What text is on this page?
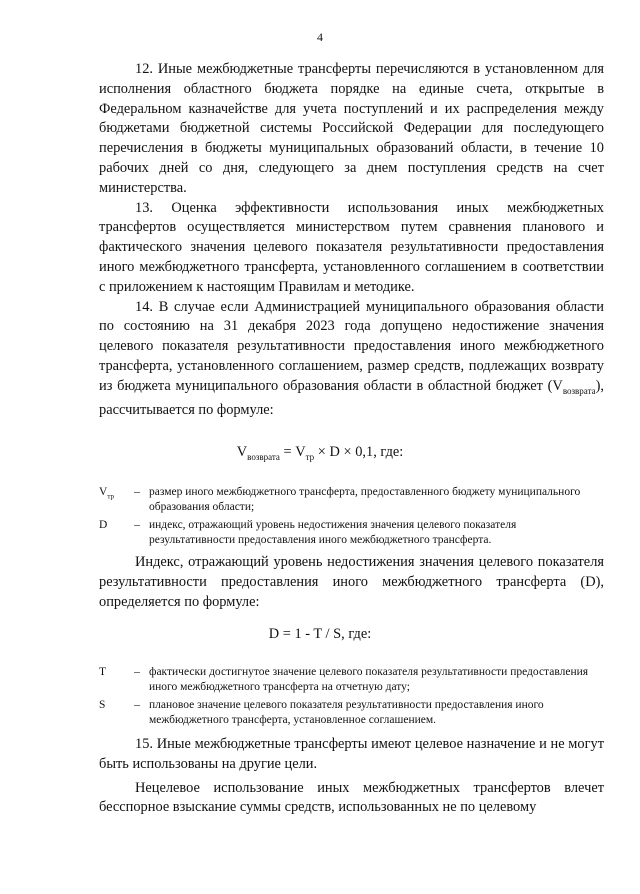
4

12. Иные межбюджетные трансферты перечисляются в установленном для исполнения областного бюджета порядке на единые счета, открытые в Федеральном казначействе для учета поступлений и их распределения между бюджетами бюджетной системы Российской Федерации для последующего перечисления в бюджеты муниципальных образований области, в течение 10 рабочих дней со дня, следующего за днем поступления средств на счет министерства.

13. Оценка эффективности использования иных межбюджетных трансфертов осуществляется министерством путем сравнения планового и фактического значения целевого показателя результативности предоставления иного межбюджетного трансферта, установленного соглашением в соответствии с приложением к настоящим Правилам и методике.

14. В случае если Администрацией муниципального образования области по состоянию на 31 декабря 2023 года допущено недостижение значения целевого показателя результативности предоставления иного межбюджетного трансферта, установленного соглашением, размер средств, подлежащих возврату из бюджета муниципального образования области в областной бюджет $(V_{возврата})$, рассчитывается по формуле:

$V_{возврата} = V_{тр} \times D \times 0,1$, где:
$V_{тр}$	– размер иного межбюджетного трансферта, предоставленного бюджету муниципального образования области;
D	– индекс, отражающий уровень недостижения значения целевого показателя результативности предоставления иного межбюджетного трансферта.

Индекс, отражающий уровень недостижения значения целевого показателя результативности предоставления иного межбюджетного трансферта (D), определяется по формуле:

D = 1 - T / S, где:
T	– фактически достигнутое значение целевого показателя результативности предоставления иного межбюджетного трансферта на отчетную дату;
S	– плановое значение целевого показателя результативности предоставления иного межбюджетного трансферта, установленное соглашением.

15. Иные межбюджетные трансферты имеют целевое назначение и не могут быть использованы на другие цели.

Нецелевое использование иных межбюджетных трансфертов влечет бесспорное взыскание суммы средств, использованных не по целевому
